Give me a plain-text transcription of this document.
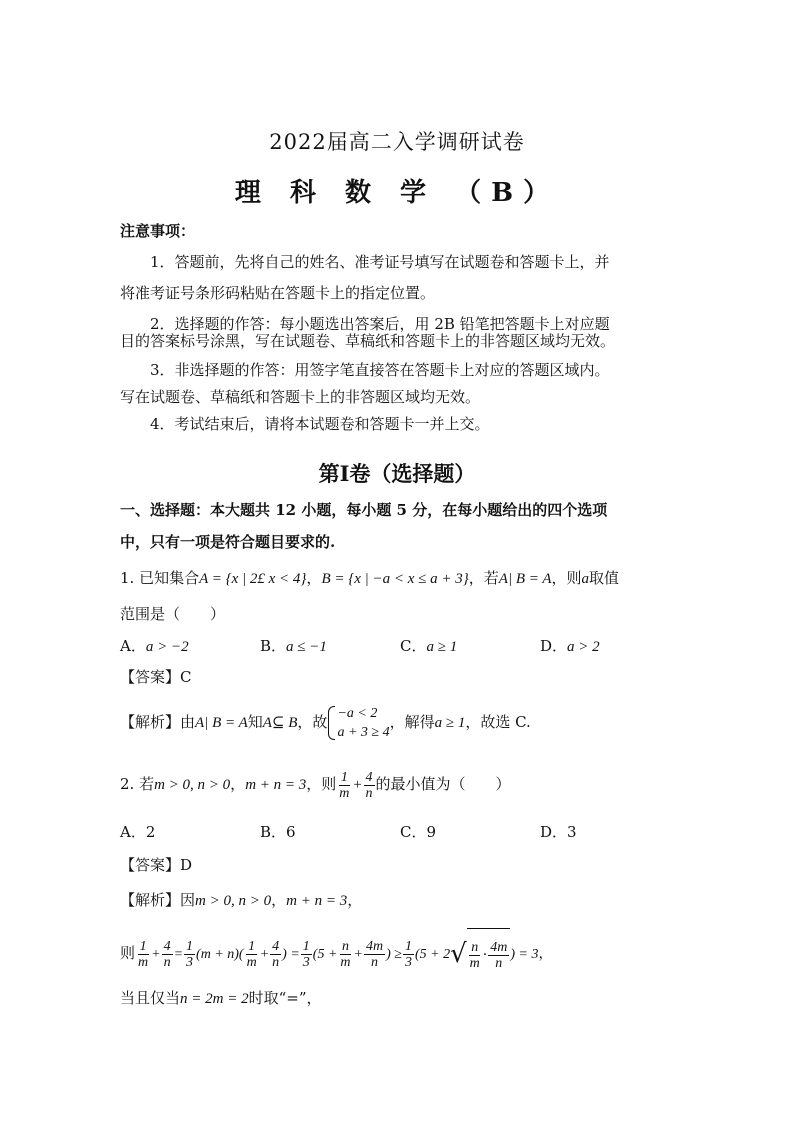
2022届高二入学调研试卷
理 科 数 学 （B）
注意事项：
1．答题前，先将自己的姓名、准考证号填写在试题卷和答题卡上，并
将准考证号条形码粘贴在答题卡上的指定位置。
2．选择题的作答：每小题选出答案后，用 2B 铅笔把答题卡上对应题
目的答案标号涂黑，写在试题卷、草稿纸和答题卡上的非答题区域均无效。
3．非选择题的作答：用签字笔直接答在答题卡上对应的答题区域内。
写在试题卷、草稿纸和答题卡上的非答题区域均无效。
4．考试结束后，请将本试题卷和答题卡一并上交。
第Ⅰ卷（选择题）
一、选择题：本大题共 12 小题，每小题 5 分，在每小题给出的四个选项
中，只有一项是符合题目要求的.
1. 已知集合A = {x | 2£ x < 4}，B = {x | −a < x ≤ a + 3}，若A| B = A，则a取值
范围是（　　）
A．a > −2	B．a ≤ −1	C．a ≥ 1	D．a > 2
【答案】C
【解析】由A| B = A知A⊆ B，故 −a < 2
a + 3 ≥ 4
，解得a ≥ 1，故选 C.
2. 若m > 0, n > 0，m + n = 3，则 $\frac{1}{m} + \frac{4}{n}$ 的最小值为（　　）
A．2	B．6	C．9	D．3
【答案】D
【解析】因m > 0, n > 0，m + n = 3，
则 $\frac{1}{m} + \frac{4}{n} = \frac{1}{3} (m + n)( \frac{1}{m} + \frac{4}{n}$ ) = $\frac{1}{3} (5 + \frac{n}{m} + \frac{4m}{n}$ ) ≥ $\frac{1}{3} (5 + 2$ √ $\frac{n}{m} \cdot \frac{4m}{n}$ ) = 3，
当且仅当n = 2m = 2时取“=”，
